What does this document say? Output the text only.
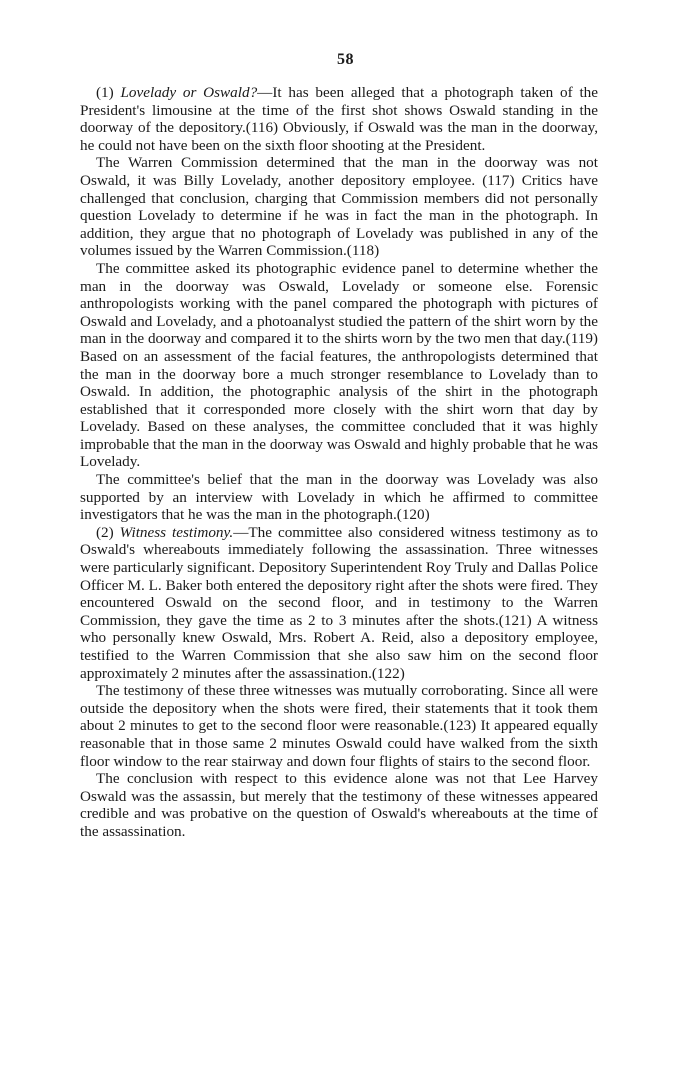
58

(1) Lovelady or Oswald?—It has been alleged that a photograph taken of the President's limousine at the time of the first shot shows Oswald standing in the doorway of the depository.(116) Obviously, if Oswald was the man in the doorway, he could not have been on the sixth floor shooting at the President.

The Warren Commission determined that the man in the doorway was not Oswald, it was Billy Lovelady, another depository employee. (117) Critics have challenged that conclusion, charging that Commission members did not personally question Lovelady to determine if he was in fact the man in the photograph. In addition, they argue that no photograph of Lovelady was published in any of the volumes issued by the Warren Commission.(118)

The committee asked its photographic evidence panel to determine whether the man in the doorway was Oswald, Lovelady or someone else. Forensic anthropologists working with the panel compared the photograph with pictures of Oswald and Lovelady, and a photoanalyst studied the pattern of the shirt worn by the man in the doorway and compared it to the shirts worn by the two men that day.(119) Based on an assessment of the facial features, the anthropologists determined that the man in the doorway bore a much stronger resemblance to Lovelady than to Oswald. In addition, the photographic analysis of the shirt in the photograph established that it corresponded more closely with the shirt worn that day by Lovelady. Based on these analyses, the committee concluded that it was highly improbable that the man in the doorway was Oswald and highly probable that he was Lovelady.

The committee's belief that the man in the doorway was Lovelady was also supported by an interview with Lovelady in which he affirmed to committee investigators that he was the man in the photograph.(120)

(2) Witness testimony.—The committee also considered witness testimony as to Oswald's whereabouts immediately following the assassination. Three witnesses were particularly significant. Depository Superintendent Roy Truly and Dallas Police Officer M. L. Baker both entered the depository right after the shots were fired. They encountered Oswald on the second floor, and in testimony to the Warren Commission, they gave the time as 2 to 3 minutes after the shots.(121) A witness who personally knew Oswald, Mrs. Robert A. Reid, also a depository employee, testified to the Warren Commission that she also saw him on the second floor approximately 2 minutes after the assassination.(122)

The testimony of these three witnesses was mutually corroborating. Since all were outside the depository when the shots were fired, their statements that it took them about 2 minutes to get to the second floor were reasonable.(123) It appeared equally reasonable that in those same 2 minutes Oswald could have walked from the sixth floor window to the rear stairway and down four flights of stairs to the second floor.

The conclusion with respect to this evidence alone was not that Lee Harvey Oswald was the assassin, but merely that the testimony of these witnesses appeared credible and was probative on the question of Oswald's whereabouts at the time of the assassination.
